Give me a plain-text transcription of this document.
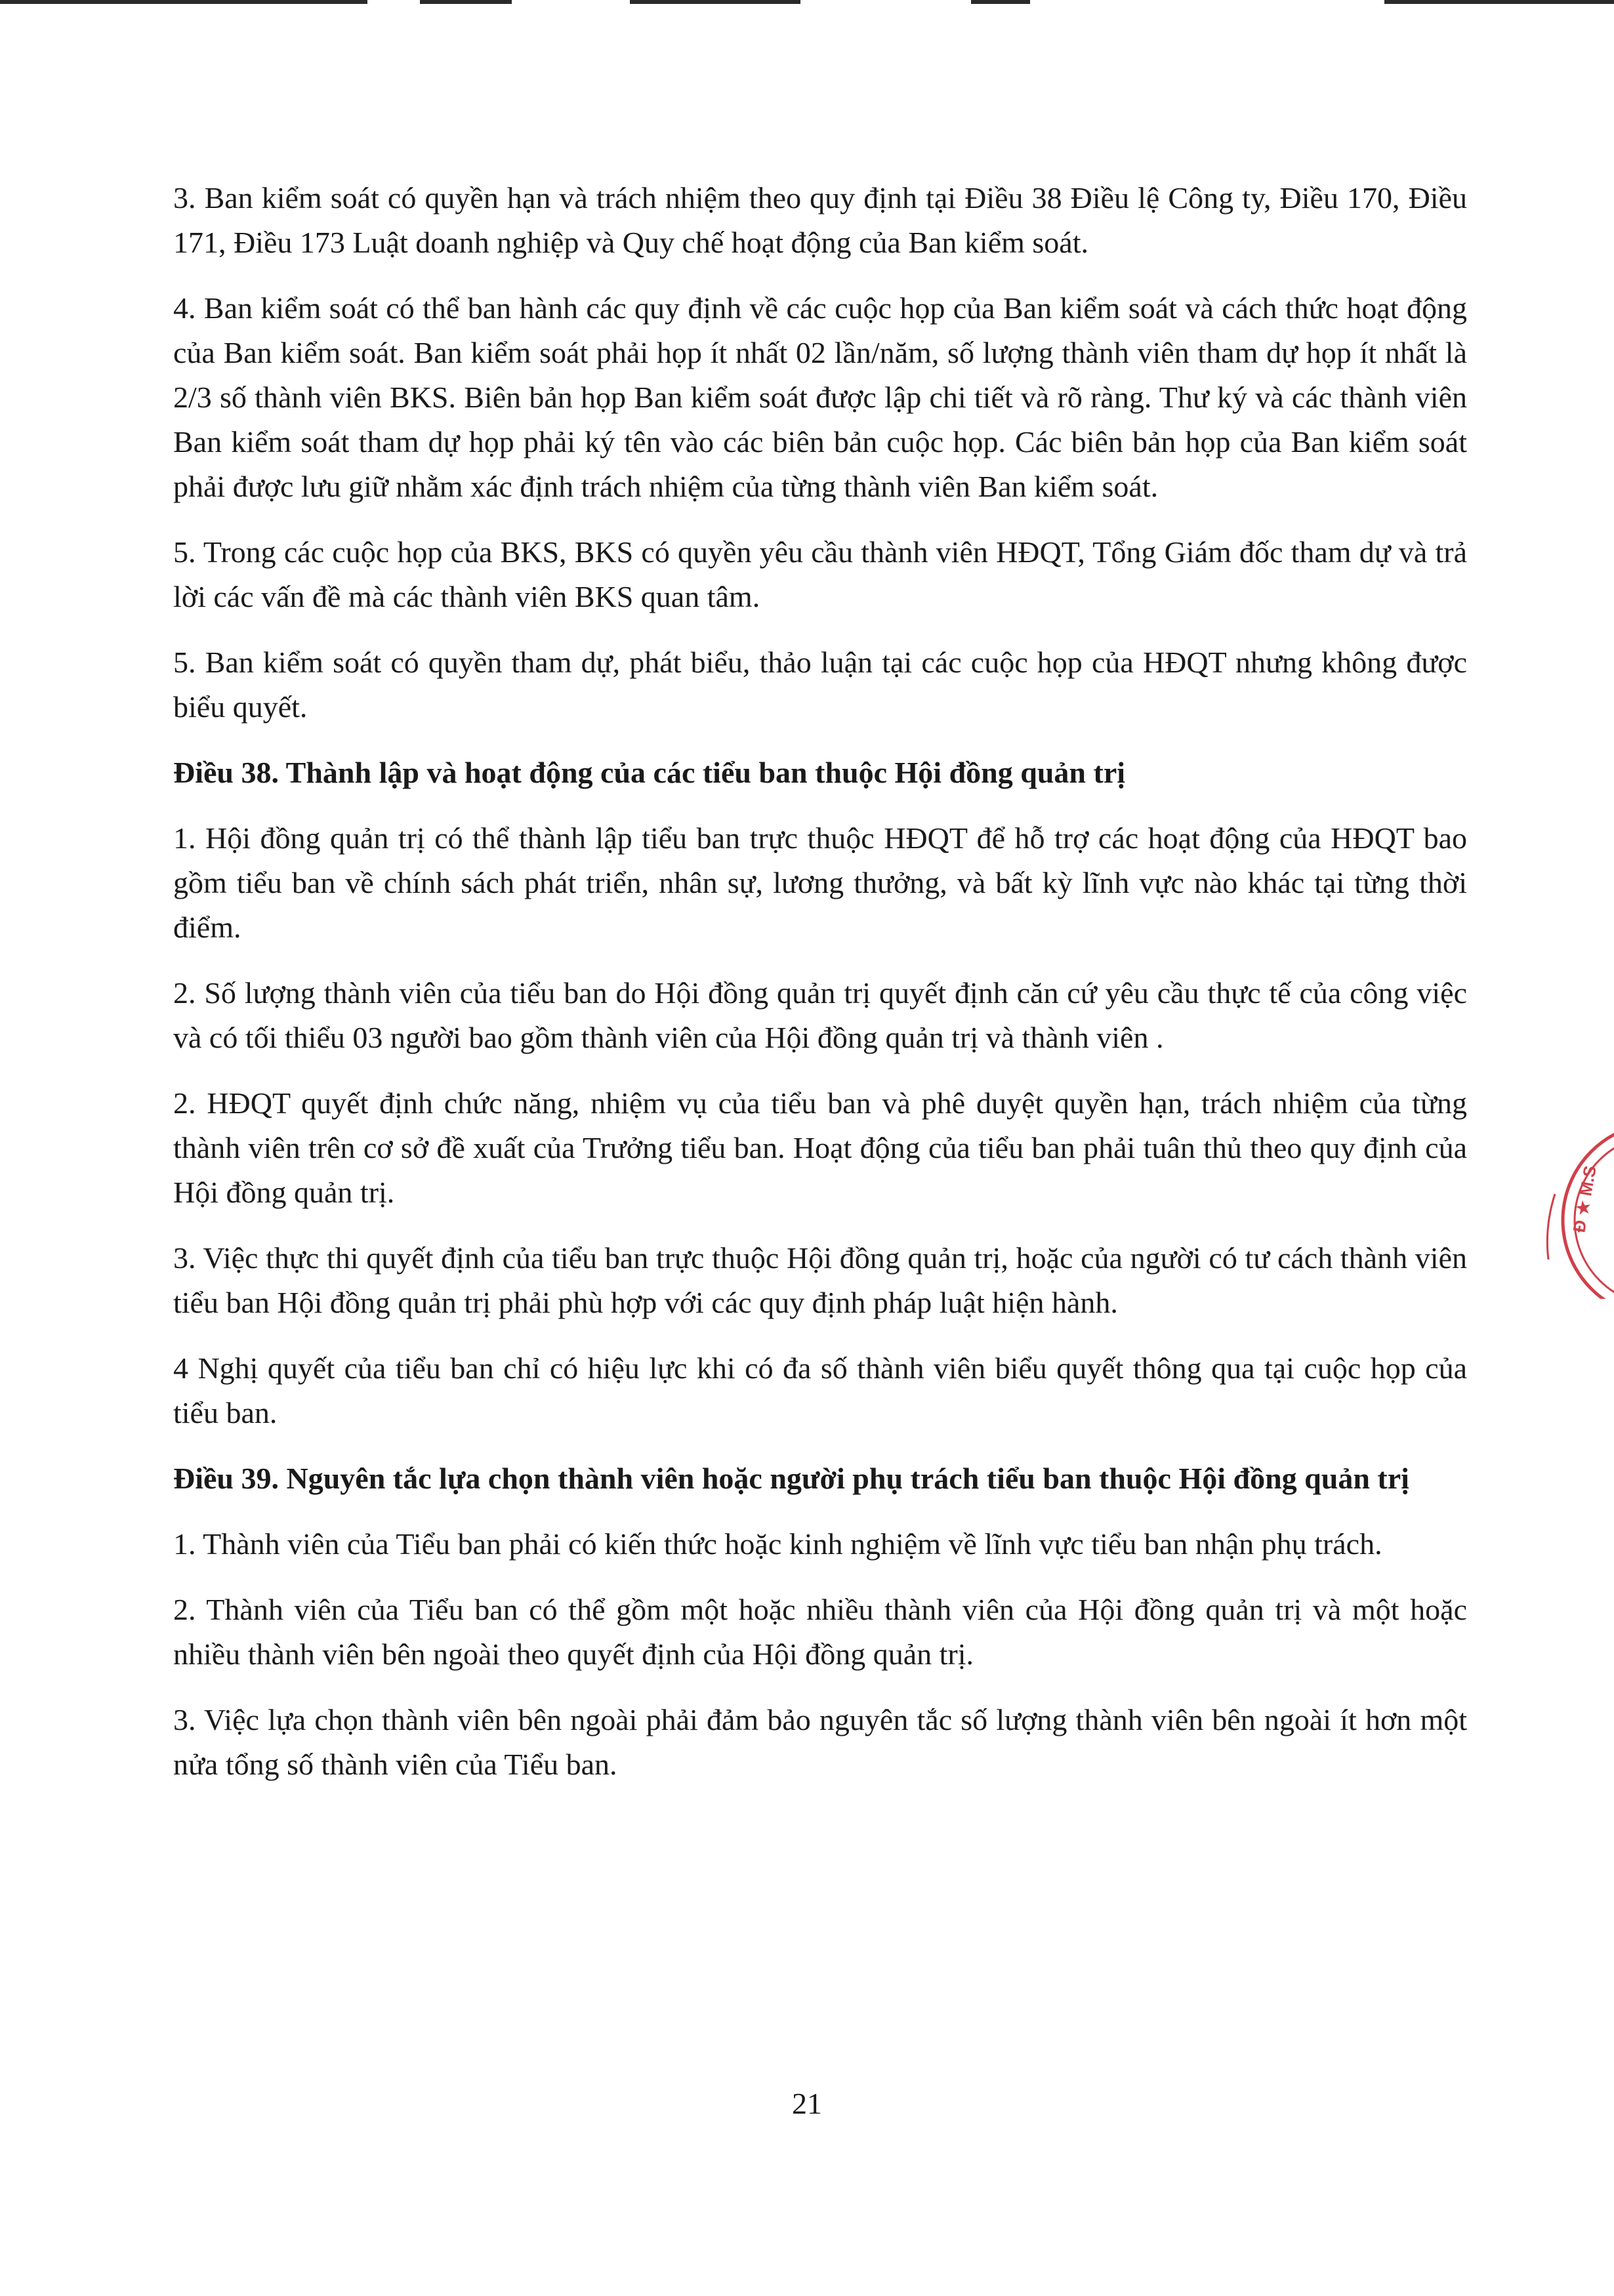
3. Ban kiểm soát có quyền hạn và trách nhiệm theo quy định tại Điều 38 Điều lệ Công ty, Điều 170, Điều 171, Điều 173 Luật doanh nghiệp và Quy chế hoạt động của Ban kiểm soát.

4. Ban kiểm soát có thể ban hành các quy định về các cuộc họp của Ban kiểm soát và cách thức hoạt động của Ban kiểm soát. Ban kiểm soát phải họp ít nhất 02 lần/năm, số lượng thành viên tham dự họp ít nhất là 2/3 số thành viên BKS. Biên bản họp Ban kiểm soát được lập chi tiết và rõ ràng. Thư ký và các thành viên Ban kiểm soát tham dự họp phải ký tên vào các biên bản cuộc họp. Các biên bản họp của Ban kiểm soát phải được lưu giữ nhằm xác định trách nhiệm của từng thành viên Ban kiểm soát.

5. Trong các cuộc họp của BKS, BKS có quyền yêu cầu thành viên HĐQT, Tổng Giám đốc tham dự và trả lời các vấn đề mà các thành viên BKS quan tâm.

5. Ban kiểm soát có quyền tham dự, phát biểu, thảo luận tại các cuộc họp của HĐQT nhưng không được biểu quyết.

Điều 38. Thành lập và hoạt động của các tiểu ban thuộc Hội đồng quản trị

1. Hội đồng quản trị có thể thành lập tiểu ban trực thuộc HĐQT để hỗ trợ các hoạt động của HĐQT bao gồm tiểu ban về chính sách phát triển, nhân sự, lương thưởng, và bất kỳ lĩnh vực nào khác tại từng thời điểm.

2. Số lượng thành viên của tiểu ban do Hội đồng quản trị quyết định căn cứ yêu cầu thực tế của công việc và có tối thiểu 03 người bao gồm thành viên của Hội đồng quản trị và thành viên .

2. HĐQT quyết định chức năng, nhiệm vụ của tiểu ban và phê duyệt quyền hạn, trách nhiệm của từng thành viên trên cơ sở đề xuất của Trưởng tiểu ban. Hoạt động của tiểu ban phải tuân thủ theo quy định của Hội đồng quản trị.

3. Việc thực thi quyết định của tiểu ban trực thuộc Hội đồng quản trị, hoặc của người có tư cách thành viên tiểu ban Hội đồng quản trị phải phù hợp với các quy định pháp luật hiện hành.

4 Nghị quyết của tiểu ban chỉ có hiệu lực khi có đa số thành viên biểu quyết thông qua tại cuộc họp của tiểu ban.

Điều 39. Nguyên tắc lựa chọn thành viên hoặc người phụ trách tiểu ban thuộc Hội đồng quản trị

1. Thành viên của Tiểu ban phải có kiến thức hoặc kinh nghiệm về lĩnh vực tiểu ban nhận phụ trách.

2. Thành viên của Tiểu ban có thể gồm một hoặc nhiều thành viên của Hội đồng quản trị và một hoặc nhiều thành viên bên ngoài theo quyết định của Hội đồng quản trị.

3. Việc lựa chọn thành viên bên ngoài phải đảm bảo nguyên tắc số lượng thành viên bên ngoài ít hơn một nửa tổng số thành viên của Tiểu ban.

21
Đ ★ M.S
